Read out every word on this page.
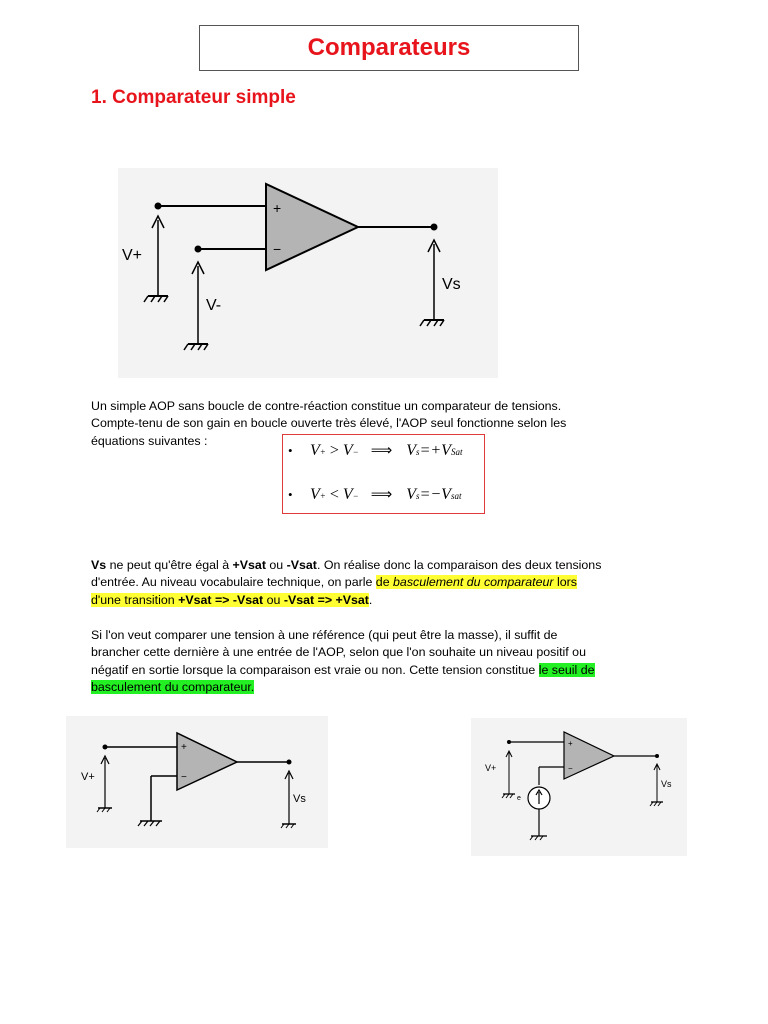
Comparateurs
1. Comparateur simple
+
−
V+
V-
Vs

Un simple AOP sans boucle de contre-réaction constitue un comparateur de tensions.
Compte-tenu de son gain en boucle ouverte très élevé, l'AOP seul fonctionne selon les
équations suivantes :

•	V + > V − ⟹ V s =+V Sat
•	V + < V − ⟹ V s =−V sat

Vs ne peut qu'être égal à +Vsat ou -Vsat. On réalise donc la comparaison des deux tensions
d'entrée. Au niveau vocabulaire technique, on parle de basculement du comparateur lors
d'une transition +Vsat => -Vsat ou -Vsat => +Vsat.

Si l'on veut comparer une tension à une référence (qui peut être la masse), il suffit de
brancher cette dernière à une entrée de l'AOP, selon que l'on souhaite un niveau positif ou
négatif en sortie lorsque la comparaison est vraie ou non. Cette tension constitue le seuil de
basculement du comparateur.

+
−
V+
Vs
+
−
e
V+
Vs
